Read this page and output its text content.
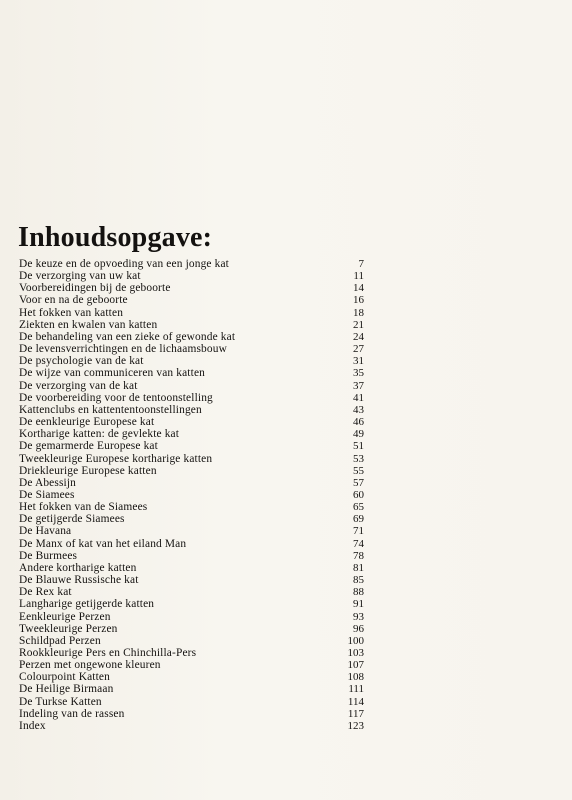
Inhoudsopgave:
De keuze en de opvoeding van een jonge kat	7
De verzorging van uw kat	11
Voorbereidingen bij de geboorte	14
Voor en na de geboorte	16
Het fokken van katten	18
Ziekten en kwalen van katten	21
De behandeling van een zieke of gewonde kat	24
De levensverrichtingen en de lichaamsbouw	27
De psychologie van de kat	31
De wijze van communiceren van katten	35
De verzorging van de kat	37
De voorbereiding voor de tentoonstelling	41
Kattenclubs en kattententoonstellingen	43
De eenkleurige Europese kat	46
Kortharige katten: de gevlekte kat	49
De gemarmerde Europese kat	51
Tweekleurige Europese kortharige katten	53
Driekleurige Europese katten	55
De Abessijn	57
De Siamees	60
Het fokken van de Siamees	65
De getijgerde Siamees	69
De Havana	71
De Manx of kat van het eiland Man	74
De Burmees	78
Andere kortharige katten	81
De Blauwe Russische kat	85
De Rex kat	88
Langharige getijgerde katten	91
Eenkleurige Perzen	93
Tweekleurige Perzen	96
Schildpad Perzen	100
Rookkleurige Pers en Chinchilla-Pers	103
Perzen met ongewone kleuren	107
Colourpoint Katten	108
De Heilige Birmaan	111
De Turkse Katten	114
Indeling van de rassen	117
Index	123
